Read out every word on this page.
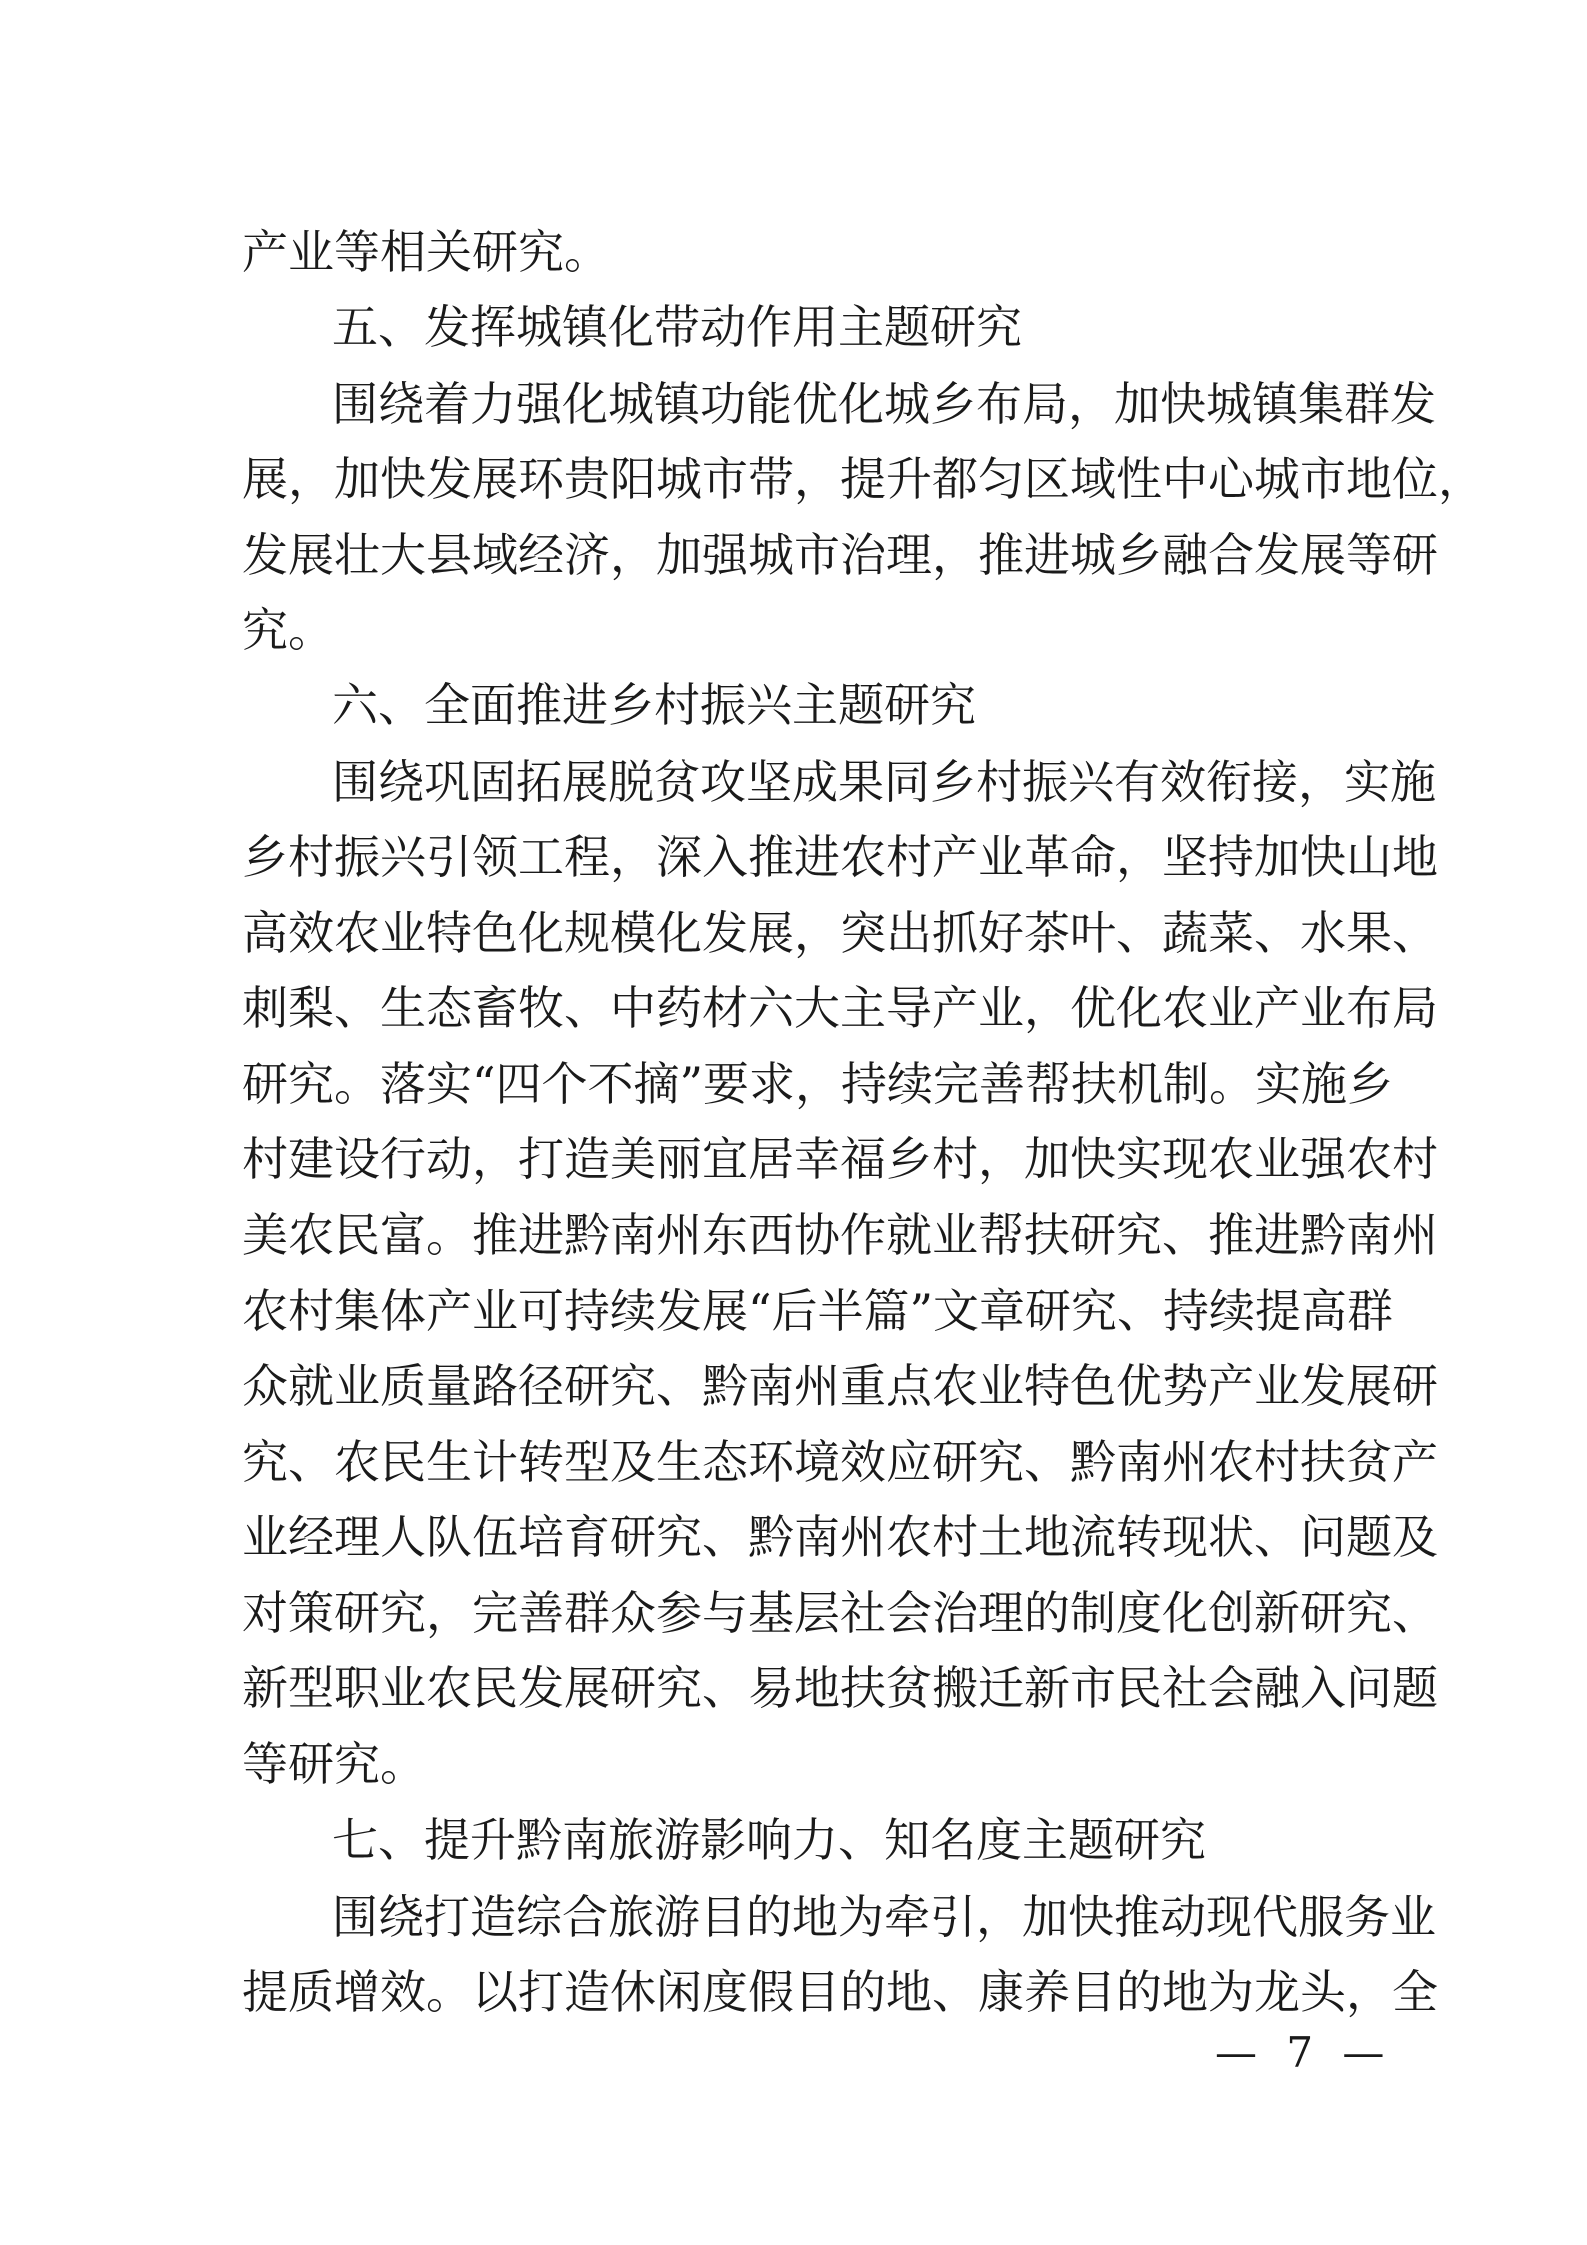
产业等相关研究。
五、发挥城镇化带动作用主题研究
围绕着力强化城镇功能优化城乡布局，加快城镇集群发
展，加快发展环贵阳城市带，提升都匀区域性中心城市地位，
发展壮大县域经济，加强城市治理，推进城乡融合发展等研
究。
六、全面推进乡村振兴主题研究
围绕巩固拓展脱贫攻坚成果同乡村振兴有效衔接，实施
乡村振兴引领工程，深入推进农村产业革命，坚持加快山地
高效农业特色化规模化发展，突出抓好茶叶、蔬菜、水果、
刺梨、生态畜牧、中药材六大主导产业，优化农业产业布局
研究。落实“四个不摘”要求，持续完善帮扶机制。实施乡
村建设行动，打造美丽宜居幸福乡村，加快实现农业强农村
美农民富。推进黔南州东西协作就业帮扶研究、推进黔南州
农村集体产业可持续发展“后半篇”文章研究、持续提高群
众就业质量路径研究、黔南州重点农业特色优势产业发展研
究、农民生计转型及生态环境效应研究、黔南州农村扶贫产
业经理人队伍培育研究、黔南州农村土地流转现状、问题及
对策研究，完善群众参与基层社会治理的制度化创新研究、
新型职业农民发展研究、易地扶贫搬迁新市民社会融入问题
等研究。
七、提升黔南旅游影响力、知名度主题研究
围绕打造综合旅游目的地为牵引，加快推动现代服务业
提质增效。以打造休闲度假目的地、康养目的地为龙头，全
— 7 —
